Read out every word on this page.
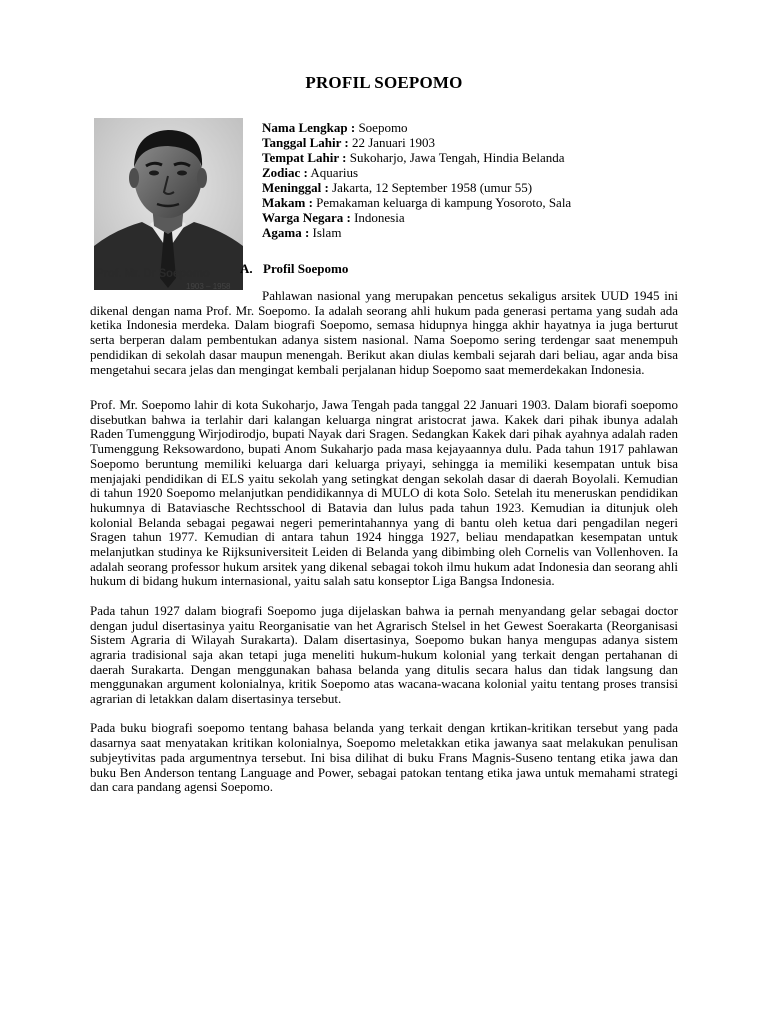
PROFIL SOEPOMO
Prof. Mr. Dr Soepomo
1903 – 1958
Nama Lengkap : Soepomo
Tanggal Lahir : 22 Januari 1903
Tempat Lahir : Sukoharjo, Jawa Tengah, Hindia Belanda
Zodiac : Aquarius
Meninggal : Jakarta, 12 September 1958 (umur 55)
Makam : Pemakaman keluarga di kampung Yosoroto, Sala
Warga Negara : Indonesia
Agama : Islam
A. Profil Soepomo

Pahlawan nasional yang merupakan pencetus sekaligus arsitek UUD 1945 ini dikenal dengan nama Prof. Mr. Soepomo. Ia adalah seorang ahli hukum pada generasi pertama yang sudah ada ketika Indonesia merdeka. Dalam biografi Soepomo, semasa hidupnya hingga akhir hayatnya ia juga berturut serta berperan dalam pembentukan adanya sistem nasional. Nama Soepomo sering terdengar saat menempuh pendidikan di sekolah dasar maupun menengah. Berikut akan diulas kembali sejarah dari beliau, agar anda bisa mengetahui secara jelas dan mengingat kembali perjalanan hidup Soepomo saat memerdekakan Indonesia.

Prof. Mr. Soepomo lahir di kota Sukoharjo, Jawa Tengah pada tanggal 22 Januari 1903. Dalam biorafi soepomo disebutkan bahwa ia terlahir dari kalangan keluarga ningrat aristocrat jawa. Kakek dari pihak ibunya adalah Raden Tumenggung Wirjodirodjo, bupati Nayak dari Sragen. Sedangkan Kakek dari pihak ayahnya adalah raden Tumenggung Reksowardono, bupati Anom Sukaharjo pada masa kejayaannya dulu. Pada tahun 1917 pahlawan Soepomo beruntung memiliki keluarga dari keluarga priyayi, sehingga ia memiliki kesempatan untuk bisa menjajaki pendidikan di ELS yaitu sekolah yang setingkat dengan sekolah dasar di daerah Boyolali. Kemudian di tahun 1920 Soepomo melanjutkan pendidikannya di MULO di kota Solo. Setelah itu meneruskan pendidikan hukumnya di Bataviasche Rechtsschool di Batavia dan lulus pada tahun 1923. Kemudian ia ditunjuk oleh kolonial Belanda sebagai pegawai negeri pemerintahannya yang di bantu oleh ketua dari pengadilan negeri Sragen tahun 1977. Kemudian di antara tahun 1924 hingga 1927, beliau mendapatkan kesempatan untuk melanjutkan studinya ke Rijksuniversiteit Leiden di Belanda yang dibimbing oleh Cornelis van Vollenhoven. Ia adalah seorang professor hukum arsitek yang dikenal sebagai tokoh ilmu hukum adat Indonesia dan seorang ahli hukum di bidang hukum internasional, yaitu salah satu konseptor Liga Bangsa Indonesia.

Pada tahun 1927 dalam biografi Soepomo juga dijelaskan bahwa ia pernah menyandang gelar sebagai doctor dengan judul disertasinya yaitu Reorganisatie van het Agrarisch Stelsel in het Gewest Soerakarta (Reorganisasi Sistem Agraria di Wilayah Surakarta). Dalam disertasinya, Soepomo bukan hanya mengupas adanya sistem agraria tradisional saja akan tetapi juga meneliti hukum-hukum kolonial yang terkait dengan pertahanan di daerah Surakarta. Dengan menggunakan bahasa belanda yang ditulis secara halus dan tidak langsung dan menggunakan argument kolonialnya, kritik Soepomo atas wacana-wacana kolonial yaitu tentang proses transisi agrarian di letakkan dalam disertasinya tersebut.

Pada buku biografi soepomo tentang bahasa belanda yang terkait dengan krtikan-kritikan tersebut yang pada dasarnya saat menyatakan kritikan kolonialnya, Soepomo meletakkan etika jawanya saat melakukan penulisan subjeytivitas pada argumentnya tersebut. Ini bisa dilihat di buku Frans Magnis-Suseno tentang etika jawa dan buku Ben Anderson tentang Language and Power, sebagai patokan tentang etika jawa untuk memahami strategi dan cara pandang agensi Soepomo.
